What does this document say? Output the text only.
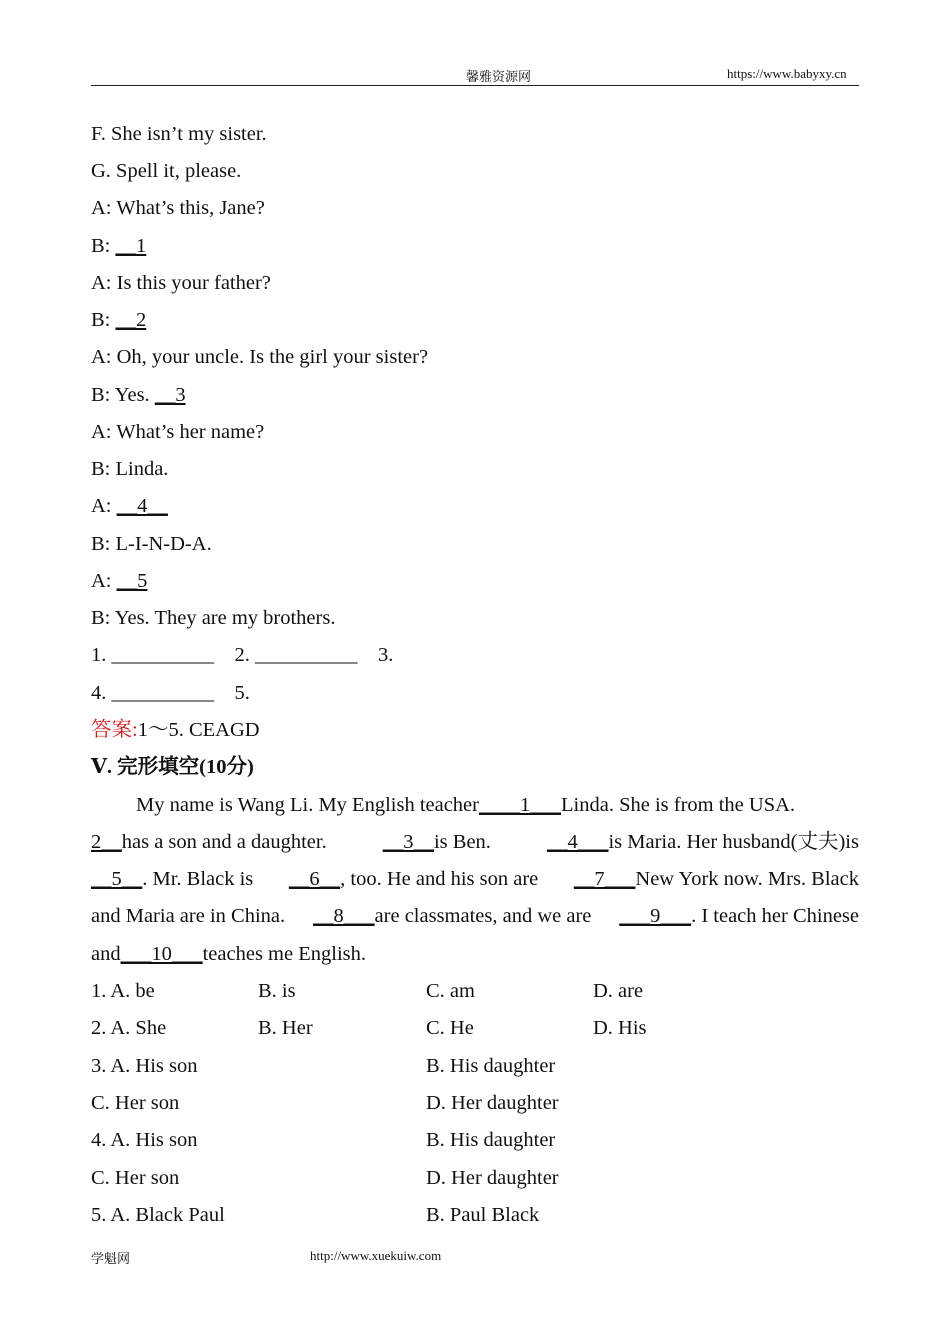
馨雅资源网	https://www.babyxy.cn
F. She isn’t my sister.
G. Spell it, please.
A: What’s this, Jane?
B: __1
A: Is this your father?
B: __2
A: Oh, your uncle. Is the girl your sister?
B: Yes. __3
A: What’s her name?
B: Linda.
A: __4__
B: L-I-N-D-A.
A: __5
B: Yes. They are my brothers.
1. __________    2. __________    3.
4. __________    5.
答案:1～5. CEAGD
Ⅴ. 完形填空(10分)
My name is Wang Li. My English teacher____1___Linda. She is from the USA.
2__has a son and a daughter.	__3__is Ben.	__4___is Maria. Her husband(丈夫)is
__5__. Mr. Black is __6__, too. He and his son are __7___New York now. Mrs. Black
and Maria are in China. __8___are classmates, and we are ___9___. I teach her Chinese
and___10___teaches me English.
1. A. be	B. is	C. am	D. are
2. A. She	B. Her	C. He	D. His
3. A. His son	B. His daughter
C. Her son	D. Her daughter
4. A. His son	B. His daughter
C. Her son	D. Her daughter
5. A. Black Paul	B. Paul Black
学魁网	http://www.xuekuiw.com
